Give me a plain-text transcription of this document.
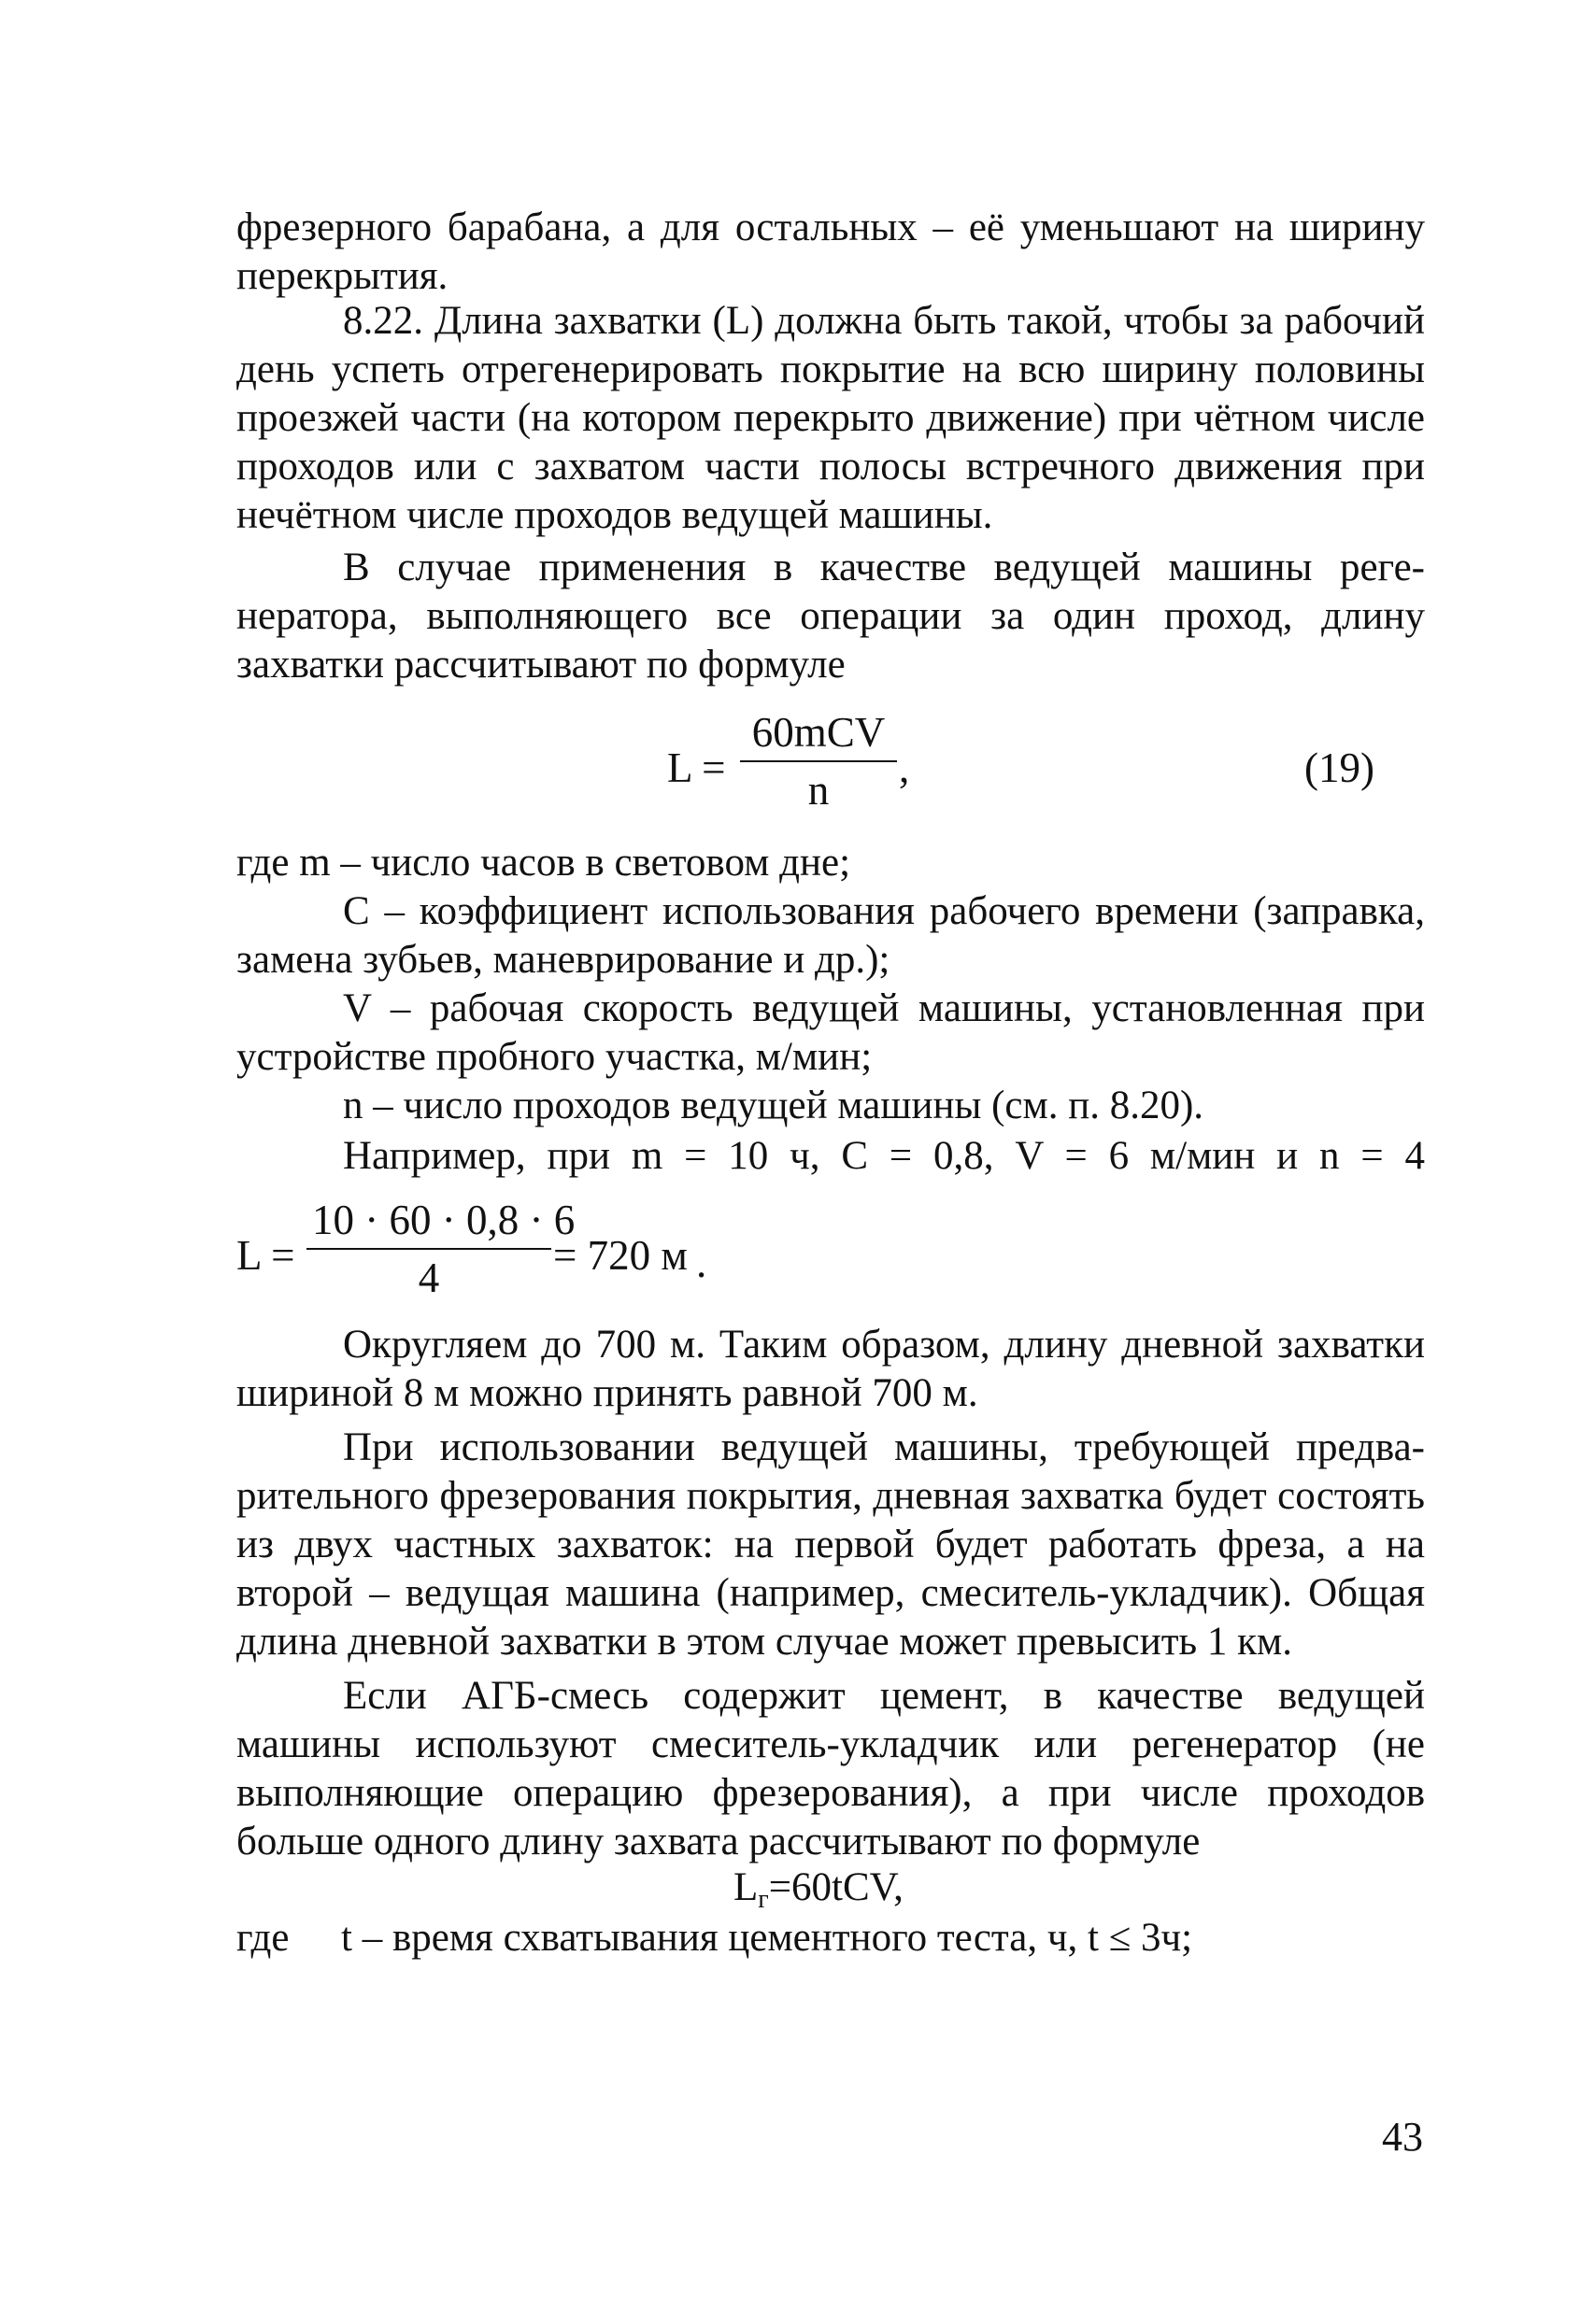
фрезерного барабана, а для остальных – её уменьшают на ширину
перекрытия.
8.22. Длина захватки (L) должна быть такой, чтобы за рабочий
день успеть отрегенерировать покрытие на всю ширину половины
проезжей части (на котором перекрыто движение) при чётном числе
проходов или с захватом части полосы встречного движения при
нечётном числе проходов ведущей машины.
В случае применения в качестве ведущей машины реге-
нератора, выполняющего все операции за один проход, длину
захватки рассчитывают по формуле
L =
60mCV
n	,	(19)
где m – число часов в световом дне;
С – коэффициент использования рабочего времени (заправка,
замена зубьев, маневрирование и др.);
V – рабочая скорость ведущей машины, установленная при
устройстве пробного участка, м/мин;
n – число проходов ведущей машины (см. п. 8.20).
Например, при m = 10 ч, С = 0,8, V = 6 м/мин и n = 4
$L = \frac{10 \cdot 60 \cdot 0,8 \cdot 6}{4} = 720$ м .
Округляем до 700 м. Таким образом, длину дневной захватки
шириной 8 м можно принять равной 700 м.
При использовании ведущей машины, требующей предва-
рительного фрезерования покрытия, дневная захватка будет состоять
из двух частных захваток: на первой будет работать фреза, а на
второй – ведущая машина (например, смеситель-укладчик). Общая
длина дневной захватки в этом случае может превысить 1 км.
Если АГБ-смесь содержит цемент, в качестве ведущей
машины используют смеситель-укладчик или регенератор (не
выполняющие операцию фрезерования), а при числе проходов
больше одного длину захвата рассчитывают по формуле
$L_г=60tCV$,
где t – время схватывания цементного теста, ч, t ≤ 3ч;
43
